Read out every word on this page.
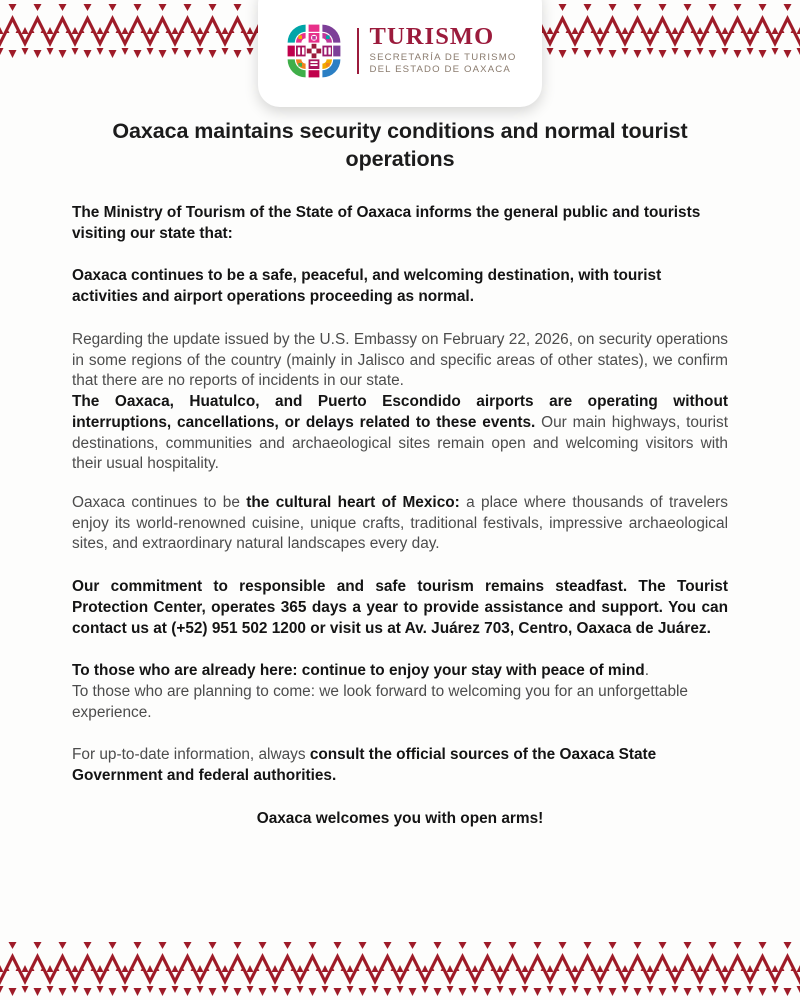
TURISMO
SECRETARÍA DE TURISMO
DEL ESTADO DE OAXACA
Oaxaca maintains security conditions and normal tourist operations

The Ministry of Tourism of the State of Oaxaca informs the general public and tourists visiting our state that:

Oaxaca continues to be a safe, peaceful, and welcoming destination, with tourist activities and airport operations proceeding as normal.

Regarding the update issued by the U.S. Embassy on February 22, 2026, on security operations in some regions of the country (mainly in Jalisco and specific areas of other states), we confirm that there are no reports of incidents in our state.

The Oaxaca, Huatulco, and Puerto Escondido airports are operating without interruptions, cancellations, or delays related to these events. Our main highways, tourist destinations, communities and archaeological sites remain open and welcoming visitors with their usual hospitality.

Oaxaca continues to be the cultural heart of Mexico: a place where thousands of travelers enjoy its world-renowned cuisine, unique crafts, traditional festivals, impressive archaeological sites, and extraordinary natural landscapes every day.

Our commitment to responsible and safe tourism remains steadfast. The Tourist Protection Center, operates 365 days a year to provide assistance and support. You can contact us at (+52) 951 502 1200 or visit us at Av. Juárez 703, Centro, Oaxaca de Juárez.

To those who are already here: continue to enjoy your stay with peace of mind.

To those who are planning to come: we look forward to welcoming you for an unforgettable experience.

For up-to-date information, always consult the official sources of the Oaxaca State Government and federal authorities.

Oaxaca welcomes you with open arms!
